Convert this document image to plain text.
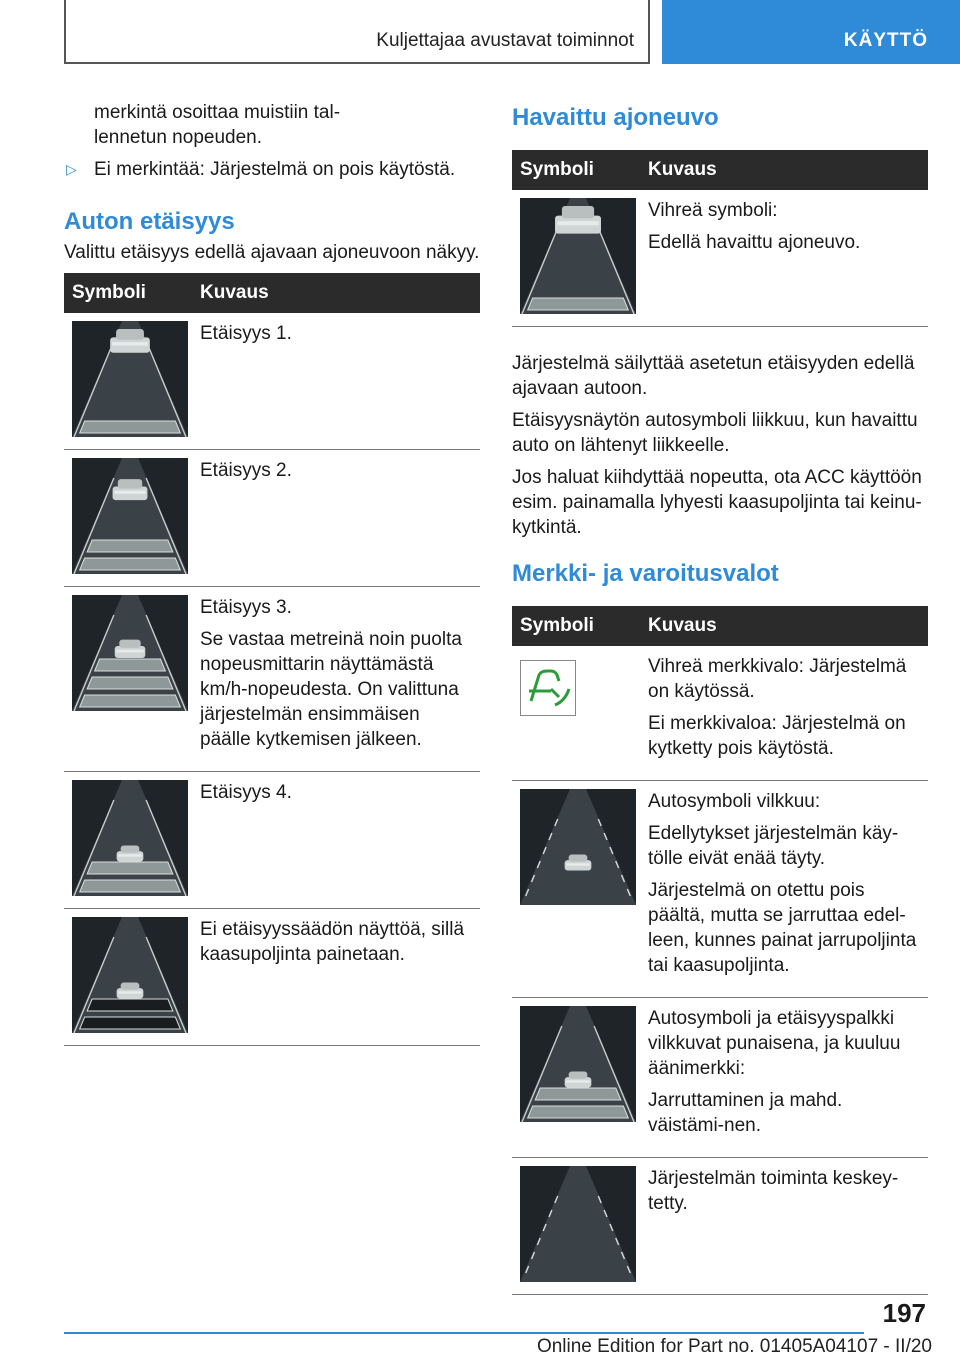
Kuljettajaa avustavat toiminnot	KÄYTTÖ

merkintä osoittaa muistiin tal-
lennetun nopeuden.

▷ Ei merkintää: Järjestelmä on pois käytöstä.

Auton etäisyys

Valittu etäisyys edellä ajavaan ajoneuvoon näkyy.

Symboli	Kuvaus

Etäisyys 1.

Etäisyys 2.

Etäisyys 3.

Se vastaa metreinä noin puolta nopeusmittarin näyttämästä km/h-nopeudesta. On valittuna järjestelmän ensimmäisen päälle kytkemisen jälkeen.

Etäisyys 4.

Ei etäisyyssäädön näyttöä, sillä kaasupoljinta painetaan.

Havaittu ajoneuvo
Symboli	Kuvaus

Vihreä symboli:

Edellä havaittu ajoneuvo.

Järjestelmä säilyttää asetetun etäisyyden edellä ajavaan autoon.

Etäisyysnäytön autosymboli liikkuu, kun havaittu auto on lähtenyt liikkeelle.

Jos haluat kiihdyttää nopeutta, ota ACC käyttöön esim. painamalla lyhyesti kaasupoljinta tai keinu-kytkintä.

Merkki- ja varoitusvalot
Symboli	Kuvaus

Vihreä merkkivalo: Järjestelmä on käytössä.

Ei merkkivaloa: Järjestelmä on kytketty pois käytöstä.

Autosymboli vilkkuu:

Edellytykset järjestelmän käy-tölle eivät enää täyty.

Järjestelmä on otettu pois päältä, mutta se jarruttaa edel-leen, kunnes painat jarrupoljinta tai kaasupoljinta.

Autosymboli ja etäisyyspalkki vilkkuvat punaisena, ja kuuluu äänimerkki:

Jarruttaminen ja mahd. väistämi-nen.

Järjestelmän toiminta keskey-tetty.

197
Online Edition for Part no. 01405A04107 - II/20
